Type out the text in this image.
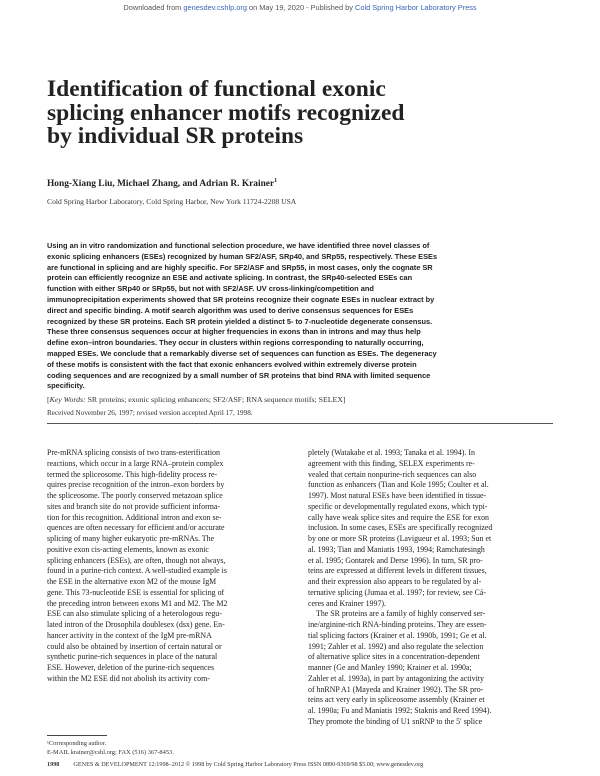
Downloaded from genesdev.cshlp.org on May 19, 2020 - Published by Cold Spring Harbor Laboratory Press
Identification of functional exonic
splicing enhancer motifs recognized
by individual SR proteins
Hong-Xiang Liu, Michael Zhang, and Adrian R. Krainer$^1$
Cold Spring Harbor Laboratory, Cold Spring Harbor, New York 11724-2208 USA
Using an in vitro randomization and functional selection procedure, we have identified three novel classes of
exonic splicing enhancers (ESEs) recognized by human SF2/ASF, SRp40, and SRp55, respectively. These ESEs
are functional in splicing and are highly specific. For SF2/ASF and SRp55, in most cases, only the cognate SR
protein can efficiently recognize an ESE and activate splicing. In contrast, the SRp40-selected ESEs can
function with either SRp40 or SRp55, but not with SF2/ASF. UV cross-linking/competition and
immunoprecipitation experiments showed that SR proteins recognize their cognate ESEs in nuclear extract by
direct and specific binding. A motif search algorithm was used to derive consensus sequences for ESEs
recognized by these SR proteins. Each SR protein yielded a distinct 5- to 7-nucleotide degenerate consensus.
These three consensus sequences occur at higher frequencies in exons than in introns and may thus help
define exon–intron boundaries. They occur in clusters within regions corresponding to naturally occurring,
mapped ESEs. We conclude that a remarkably diverse set of sequences can function as ESEs. The degeneracy
of these motifs is consistent with the fact that exonic enhancers evolved within extremely diverse protein
coding sequences and are recognized by a small number of SR proteins that bind RNA with limited sequence
specificity.
[Key Words: SR proteins; exonic splicing enhancers; SF2/ASF; RNA sequence motifs; SELEX]
Received November 26, 1997; revised version accepted April 17, 1998.
Pre-mRNA splicing consists of two trans-esterification
reactions, which occur in a large RNA–protein complex
termed the spliceosome. This high-fidelity process re-
quires precise recognition of the intron–exon borders by
the spliceosome. The poorly conserved metazoan splice
sites and branch site do not provide sufficient informa-
tion for this recognition. Additional intron and exon se-
quences are often necessary for efficient and/or accurate
splicing of many higher eukaryotic pre-mRNAs. The
positive exon cis-acting elements, known as exonic
splicing enhancers (ESEs), are often, though not always,
found in a purine-rich context. A well-studied example is
the ESE in the alternative exon M2 of the mouse IgM
gene. This 73-nucleotide ESE is essential for splicing of
the preceding intron between exons M1 and M2. The M2
ESE can also stimulate splicing of a heterologous regu-
lated intron of the Drosophila doublesex (dsx) gene. En-
hancer activity in the context of the IgM pre-mRNA
could also be obtained by insertion of certain natural or
synthetic purine-rich sequences in place of the natural
ESE. However, deletion of the purine-rich sequences
within the M2 ESE did not abolish its activity com-
pletely (Watakabe et al. 1993; Tanaka et al. 1994). In
agreement with this finding, SELEX experiments re-
vealed that certain nonpurine-rich sequences can also
function as enhancers (Tian and Kole 1995; Coulter et al.
1997). Most natural ESEs have been identified in tissue-
specific or developmentally regulated exons, which typi-
cally have weak splice sites and require the ESE for exon
inclusion. In some cases, ESEs are specifically recognized
by one or more SR proteins (Lavigueur et al. 1993; Sun et
al. 1993; Tian and Maniatis 1993, 1994; Ramchatesingh
et al. 1995; Gontarek and Derse 1996). In turn, SR pro-
teins are expressed at different levels in different tissues,
and their expression also appears to be regulated by al-
ternative splicing (Jumaa et al. 1997; for review, see Cá-
ceres and Krainer 1997).
The SR proteins are a family of highly conserved ser-
ine/arginine-rich RNA-binding proteins. They are essen-
tial splicing factors (Krainer et al. 1990b, 1991; Ge et al.
1991; Zahler et al. 1992) and also regulate the selection
of alternative splice sites in a concentration-dependent
manner (Ge and Manley 1990; Krainer et al. 1990a;
Zahler et al. 1993a), in part by antagonizing the activity
of hnRNP A1 (Mayeda and Krainer 1992). The SR pro-
teins act very early in spliceosome assembly (Krainer et
al. 1990a; Fu and Maniatis 1992; Staknis and Reed 1994).
They promote the binding of U1 snRNP to the 5′ splice
¹Corresponding author.
E-MAIL krainer@cshl.org; FAX (516) 367-8453.
1998 GENES & DEVELOPMENT 12:1998–2012 © 1998 by Cold Spring Harbor Laboratory Press ISSN 0890-9369/98 $5.00; www.genesdev.org
